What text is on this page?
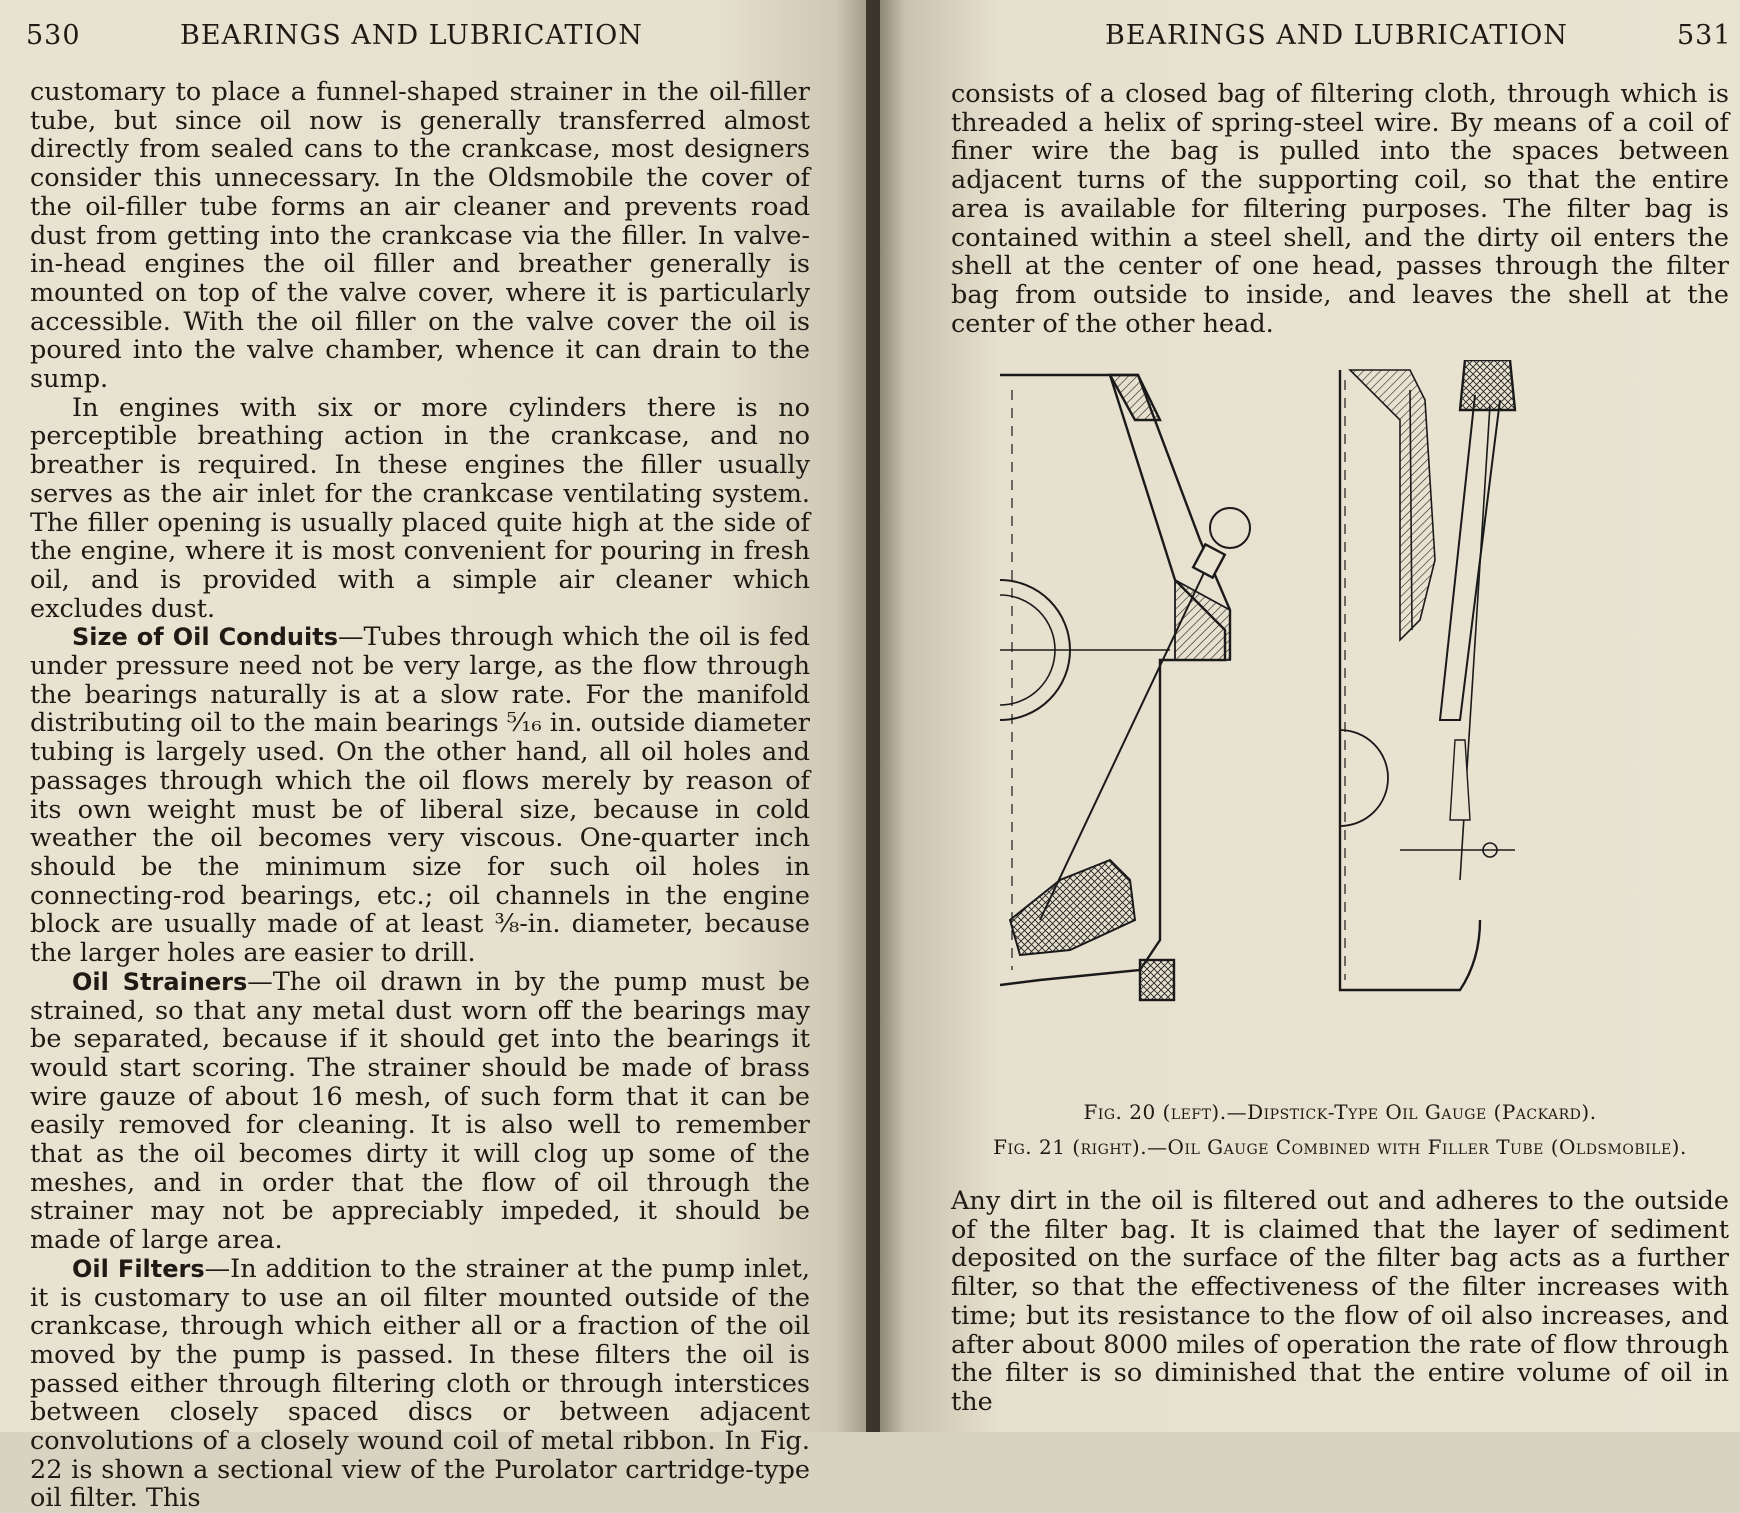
530	BEARINGS AND LUBRICATION

customary to place a funnel-shaped strainer in the oil-filler tube, but since oil now is generally transferred almost directly from sealed cans to the crankcase, most designers consider this unnecessary. In the Oldsmobile the cover of the oil-filler tube forms an air cleaner and prevents road dust from getting into the crankcase via the filler. In valve-in-head engines the oil filler and breather generally is mounted on top of the valve cover, where it is particularly accessible. With the oil filler on the valve cover the oil is poured into the valve chamber, whence it can drain to the sump.

In engines with six or more cylinders there is no perceptible breathing action in the crankcase, and no breather is required. In these engines the filler usually serves as the air inlet for the crankcase ventilating system. The filler opening is usually placed quite high at the side of the engine, where it is most convenient for pouring in fresh oil, and is provided with a simple air cleaner which excludes dust.

Size of Oil Conduits—Tubes through which the oil is fed under pressure need not be very large, as the flow through the bearings naturally is at a slow rate. For the manifold distributing oil to the main bearings ⁵⁄₁₆ in. outside diameter tubing is largely used. On the other hand, all oil holes and passages through which the oil flows merely by reason of its own weight must be of liberal size, because in cold weather the oil becomes very viscous. One-quarter inch should be the minimum size for such oil holes in connecting-rod bearings, etc.; oil channels in the engine block are usually made of at least ³⁄₈-in. diameter, because the larger holes are easier to drill.

Oil Strainers—The oil drawn in by the pump must be strained, so that any metal dust worn off the bearings may be separated, because if it should get into the bearings it would start scoring. The strainer should be made of brass wire gauze of about 16 mesh, of such form that it can be easily removed for cleaning. It is also well to remember that as the oil becomes dirty it will clog up some of the meshes, and in order that the flow of oil through the strainer may not be appreciably impeded, it should be made of large area.

Oil Filters—In addition to the strainer at the pump inlet, it is customary to use an oil filter mounted outside of the crankcase, through which either all or a fraction of the oil moved by the pump is passed. In these filters the oil is passed either through filtering cloth or through interstices between closely spaced discs or between adjacent convolutions of a closely wound coil of metal ribbon. In Fig. 22 is shown a sectional view of the Purolator cartridge-type oil filter. This

BEARINGS AND LUBRICATION	531

consists of a closed bag of filtering cloth, through which is threaded a helix of spring-steel wire. By means of a coil of finer wire the bag is pulled into the spaces between adjacent turns of the supporting coil, so that the entire area is available for filtering purposes. The filter bag is contained within a steel shell, and the dirty oil enters the shell at the center of one head, passes through the filter bag from outside to inside, and leaves the shell at the center of the other head.

Fig. 20 (left).—Dipstick-Type Oil Gauge (Packard).
Fig. 21 (right).—Oil Gauge Combined with Filler Tube (Oldsmobile).

Any dirt in the oil is filtered out and adheres to the outside of the filter bag. It is claimed that the layer of sediment deposited on the surface of the filter bag acts as a further filter, so that the effectiveness of the filter increases with time; but its resistance to the flow of oil also increases, and after about 8000 miles of operation the rate of flow through the filter is so diminished that the entire volume of oil in the
